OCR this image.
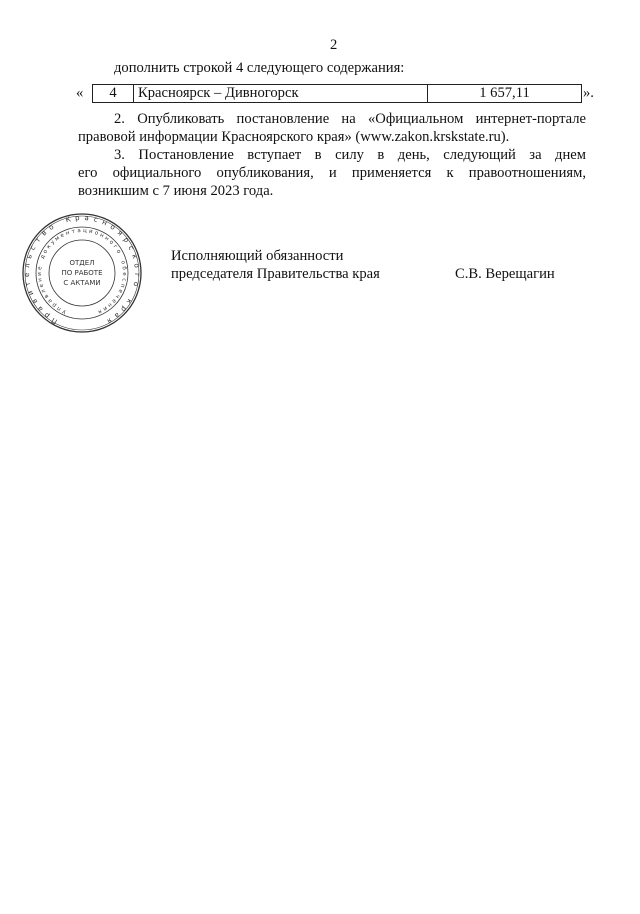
2
дополнить строкой 4 следующего содержания:
«	4	Красноярск – Дивногорск	1 657,11	».
2. Опубликовать постановление на «Официальном интернет-портале
правовой информации Красноярского края» (www.zakon.krskstate.ru).
3. Постановление вступает в силу в день, следующий за днем
его официального опубликования, и применяется к правоотношениям,
возникшим с 7 июня 2023 года.
Исполняющий обязанности
председателя Правительства края	С.В. Верещагин
П
р
а
в
и
т
е
л
ь
с
т
в
о
К р а с н о
я
р
с
к
о
г
о
к
р
а
я
У
п
р
а
в
л
е
н
и
е
д
о
к
у
м
е н т а ц и о н
н
о
г
о
о
б
е
с
п
е
ч
е
н
и
я
ОТДЕЛ
ПО РАБОТЕ
С АКТАМИ
